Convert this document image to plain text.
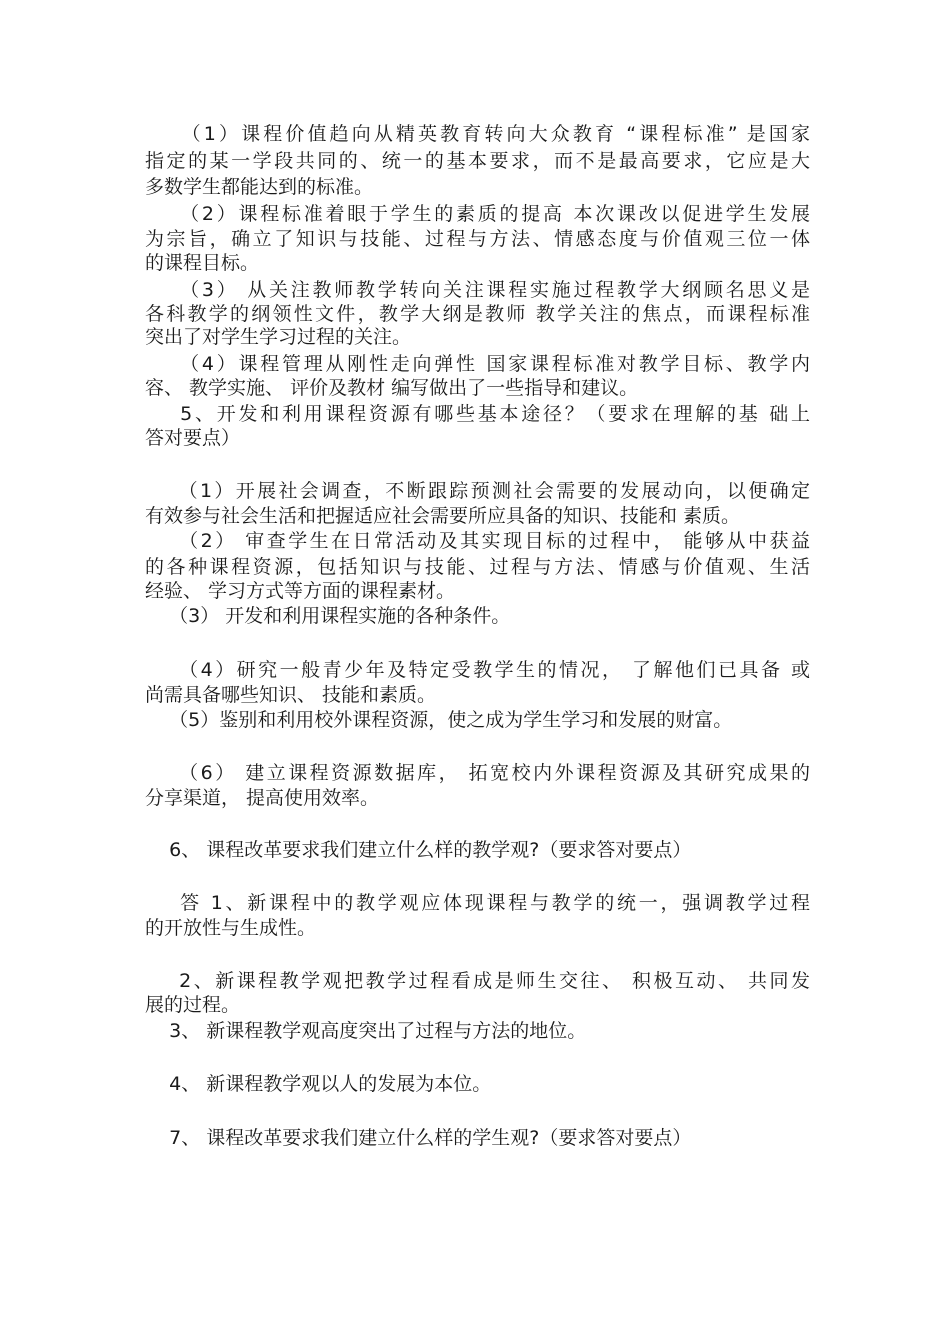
（1）课程价值趋向从精英教育转向大众教育 “课程标准” 是国家
指定的某一学段共同的、统一的基本要求，而不是最高要求，它应是大
多数学生都能达到的标准。
（2）课程标准着眼于学生的素质的提高 本次课改以促进学生发展
为宗旨，确立了知识与技能、过程与方法、情感态度与价值观三位一体
的课程目标。
（3） 从关注教师教学转向关注课程实施过程教学大纲顾名思义是
各科教学的纲领性文件，教学大纲是教师 教学关注的焦点，而课程标准
突出了对学生学习过程的关注。
（4）课程管理从刚性走向弹性 国家课程标准对教学目标、教学内
容、 教学实施、 评价及教材 编写做出了一些指导和建议。
5、开发和利用课程资源有哪些基本途径？（要求在理解的基 础上
答对要点）
（1）开展社会调查，不断跟踪预测社会需要的发展动向，以便确定
有效参与社会生活和把握适应社会需要所应具备的知识、技能和 素质。
（2） 审查学生在日常活动及其实现目标的过程中， 能够从中获益
的各种课程资源，包括知识与技能、过程与方法、情感与价值观、生活
经验、 学习方式等方面的课程素材。
（3） 开发和利用课程实施的各种条件。
（4）研究一般青少年及特定受教学生的情况， 了解他们已具备 或
尚需具备哪些知识、 技能和素质。
（5）鉴别和利用校外课程资源，使之成为学生学习和发展的财富。
（6） 建立课程资源数据库， 拓宽校内外课程资源及其研究成果的
分享渠道， 提高使用效率。
6、 课程改革要求我们建立什么样的教学观?（要求答对要点）
答 1、新课程中的教学观应体现课程与教学的统一，强调教学过程
的开放性与生成性。
2、新课程教学观把教学过程看成是师生交往、 积极互动、 共同发
展的过程。
3、 新课程教学观高度突出了过程与方法的地位。
4、 新课程教学观以人的发展为本位。
7、 课程改革要求我们建立什么样的学生观?（要求答对要点）
